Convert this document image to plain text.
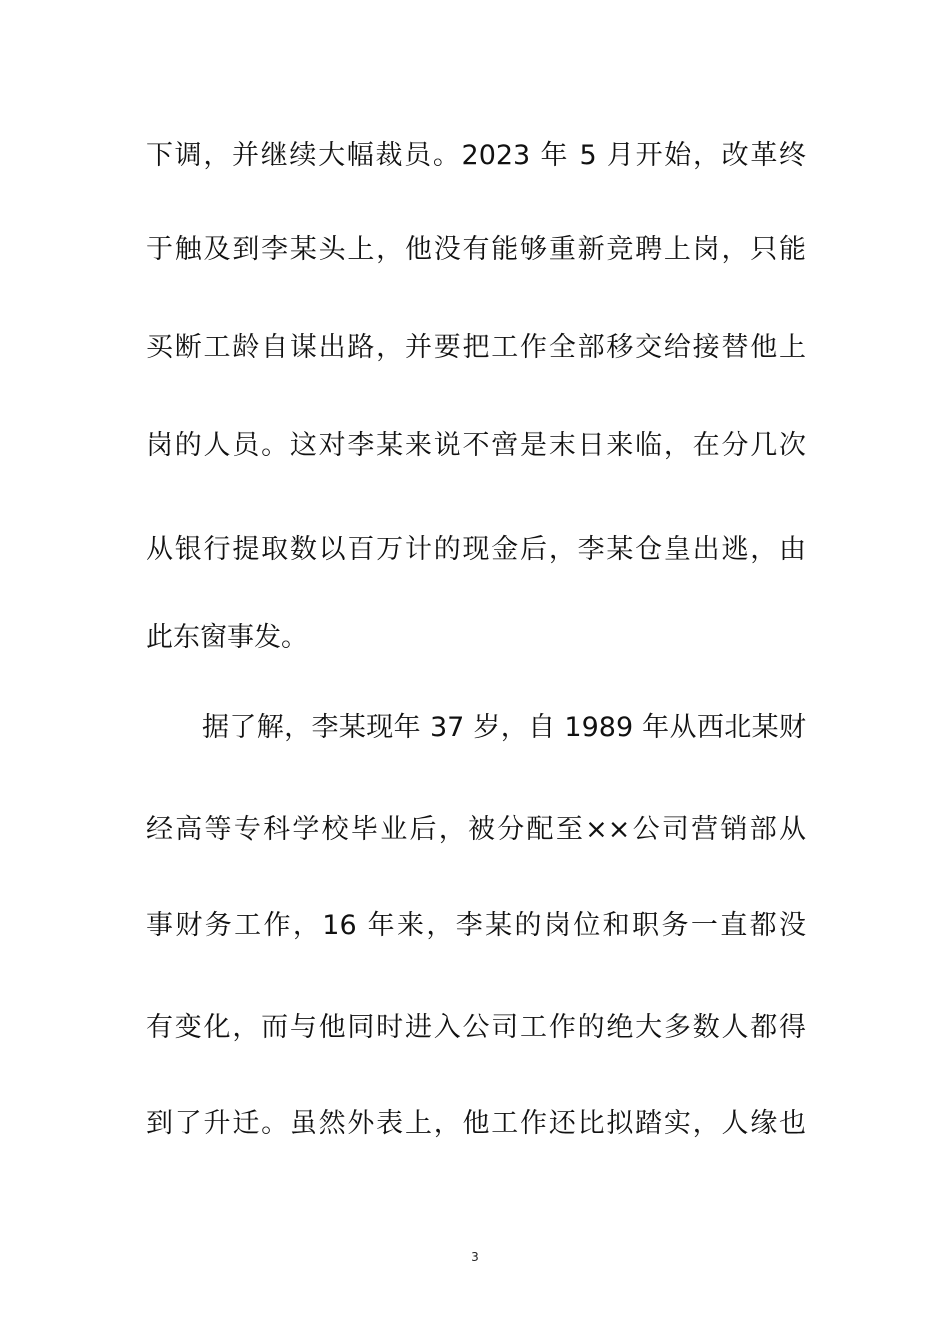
下调，并继续大幅裁员。2023 年 5 月开始，改革终
于触及到李某头上，他没有能够重新竞聘上岗，只能
买断工龄自谋出路，并要把工作全部移交给接替他上
岗的人员。这对李某来说不啻是末日来临，在分几次
从银行提取数以百万计的现金后，李某仓皇出逃，由
此东窗事发。
据了解，李某现年 37 岁，自 1989 年从西北某财
经高等专科学校毕业后，被分配至××公司营销部从
事财务工作，16 年来，李某的岗位和职务一直都没
有变化，而与他同时进入公司工作的绝大多数人都得
到了升迁。虽然外表上，他工作还比拟踏实，人缘也
3
